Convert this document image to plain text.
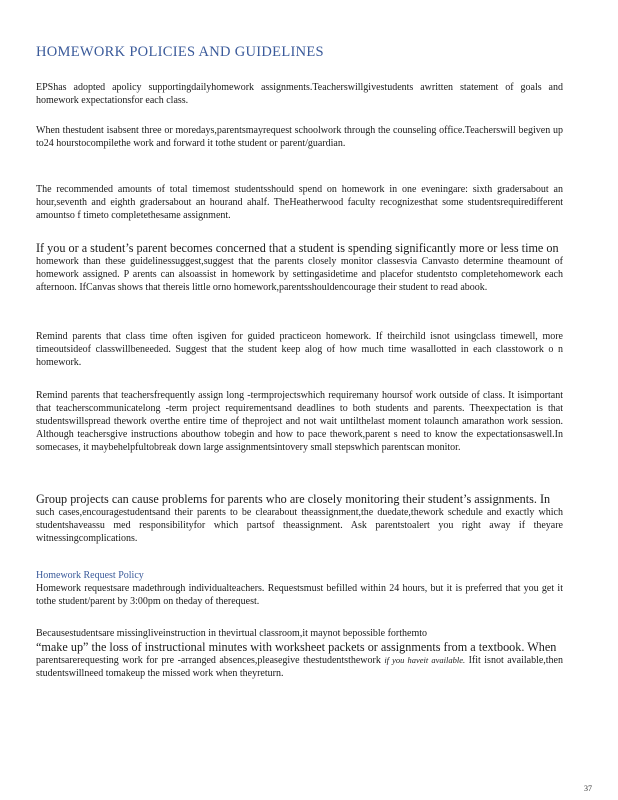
HOMEWORK POLICIES AND GUIDELINES
EPShas adopted apolicy supportingdailyhomework assignments.Teacherswillgivestudents awritten statement of goals and homework expectationsfor each class.
When thestudent isabsent three or moredays,parentsmayrequest schoolwork through the counseling office.Teacherswill begiven up to24 hourstocompilethe work and forward it tothe student or parent/guardian.
The recommended amounts of total timemost studentsshould spend on homework in one eveningare: sixth gradersabout an hour,seventh and eighth gradersabout an hourand ahalf. TheHeatherwood faculty recognizesthat some studentsrequiredifferent amountso f timeto completethesame assignment.
If you or a student’s parent becomes concerned that a student is spending significantly more or less time on
homework than these guidelinessuggest,suggest that the parents closely monitor classesvia Canvasto determine theamount of homework assigned. P arents can alsoassist in homework by settingasidetime and placefor studentsto completehomework each afternoon. IfCanvas shows that thereis little orno homework,parentsshouldencourage their student to read abook.
Remind parents that class time often isgiven for guided practiceon homework. If theirchild isnot usingclass timewell, more timeoutsideof classwillbeneeded. Suggest that the student keep alog of how much time wasallotted in each classtowork o n homework.
Remind parents that teachersfrequently assign long -termprojectswhich requiremany hoursof work outside of class. It isimportant that teacherscommunicatelong -term project requirementsand deadlines to both students and parents. Theexpectation is that studentswillspread thework overthe entire time of theproject and not wait untilthelast moment tolaunch amarathon work session. Although teachersgive instructions abouthow tobegin and how to pace thework,parent s need to know the expectationsaswell.In somecases, it maybehelpfultobreak down large assignmentsintovery small stepswhich parentscan monitor.
Group projects can cause problems for parents who are closely monitoring their student’s assignments. In
such cases,encouragestudentsand their parents to be clearabout theassignment,the duedate,thework schedule and exactly which studentshaveassu med responsibilityfor which partsof theassignment. Ask parentstoalert you right away if theyare witnessingcomplications.
Homework Request Policy
Homework requestsare madethrough individualteachers. Requestsmust befilled within 24 hours, but it is preferred that you get it tothe student/parent by 3:00pm on theday of therequest.
Becausestudentsare missingliveinstruction in thevirtual classroom,it maynot bepossible forthemto
“make up” the loss of instructional minutes with worksheet packets or assignments from a textbook. When
parentsarerequesting work for pre -arranged absences,pleasegive thestudentsthework if you haveit available. Ifit isnot available,then studentswillneed tomakeup the missed work when theyreturn.
37
